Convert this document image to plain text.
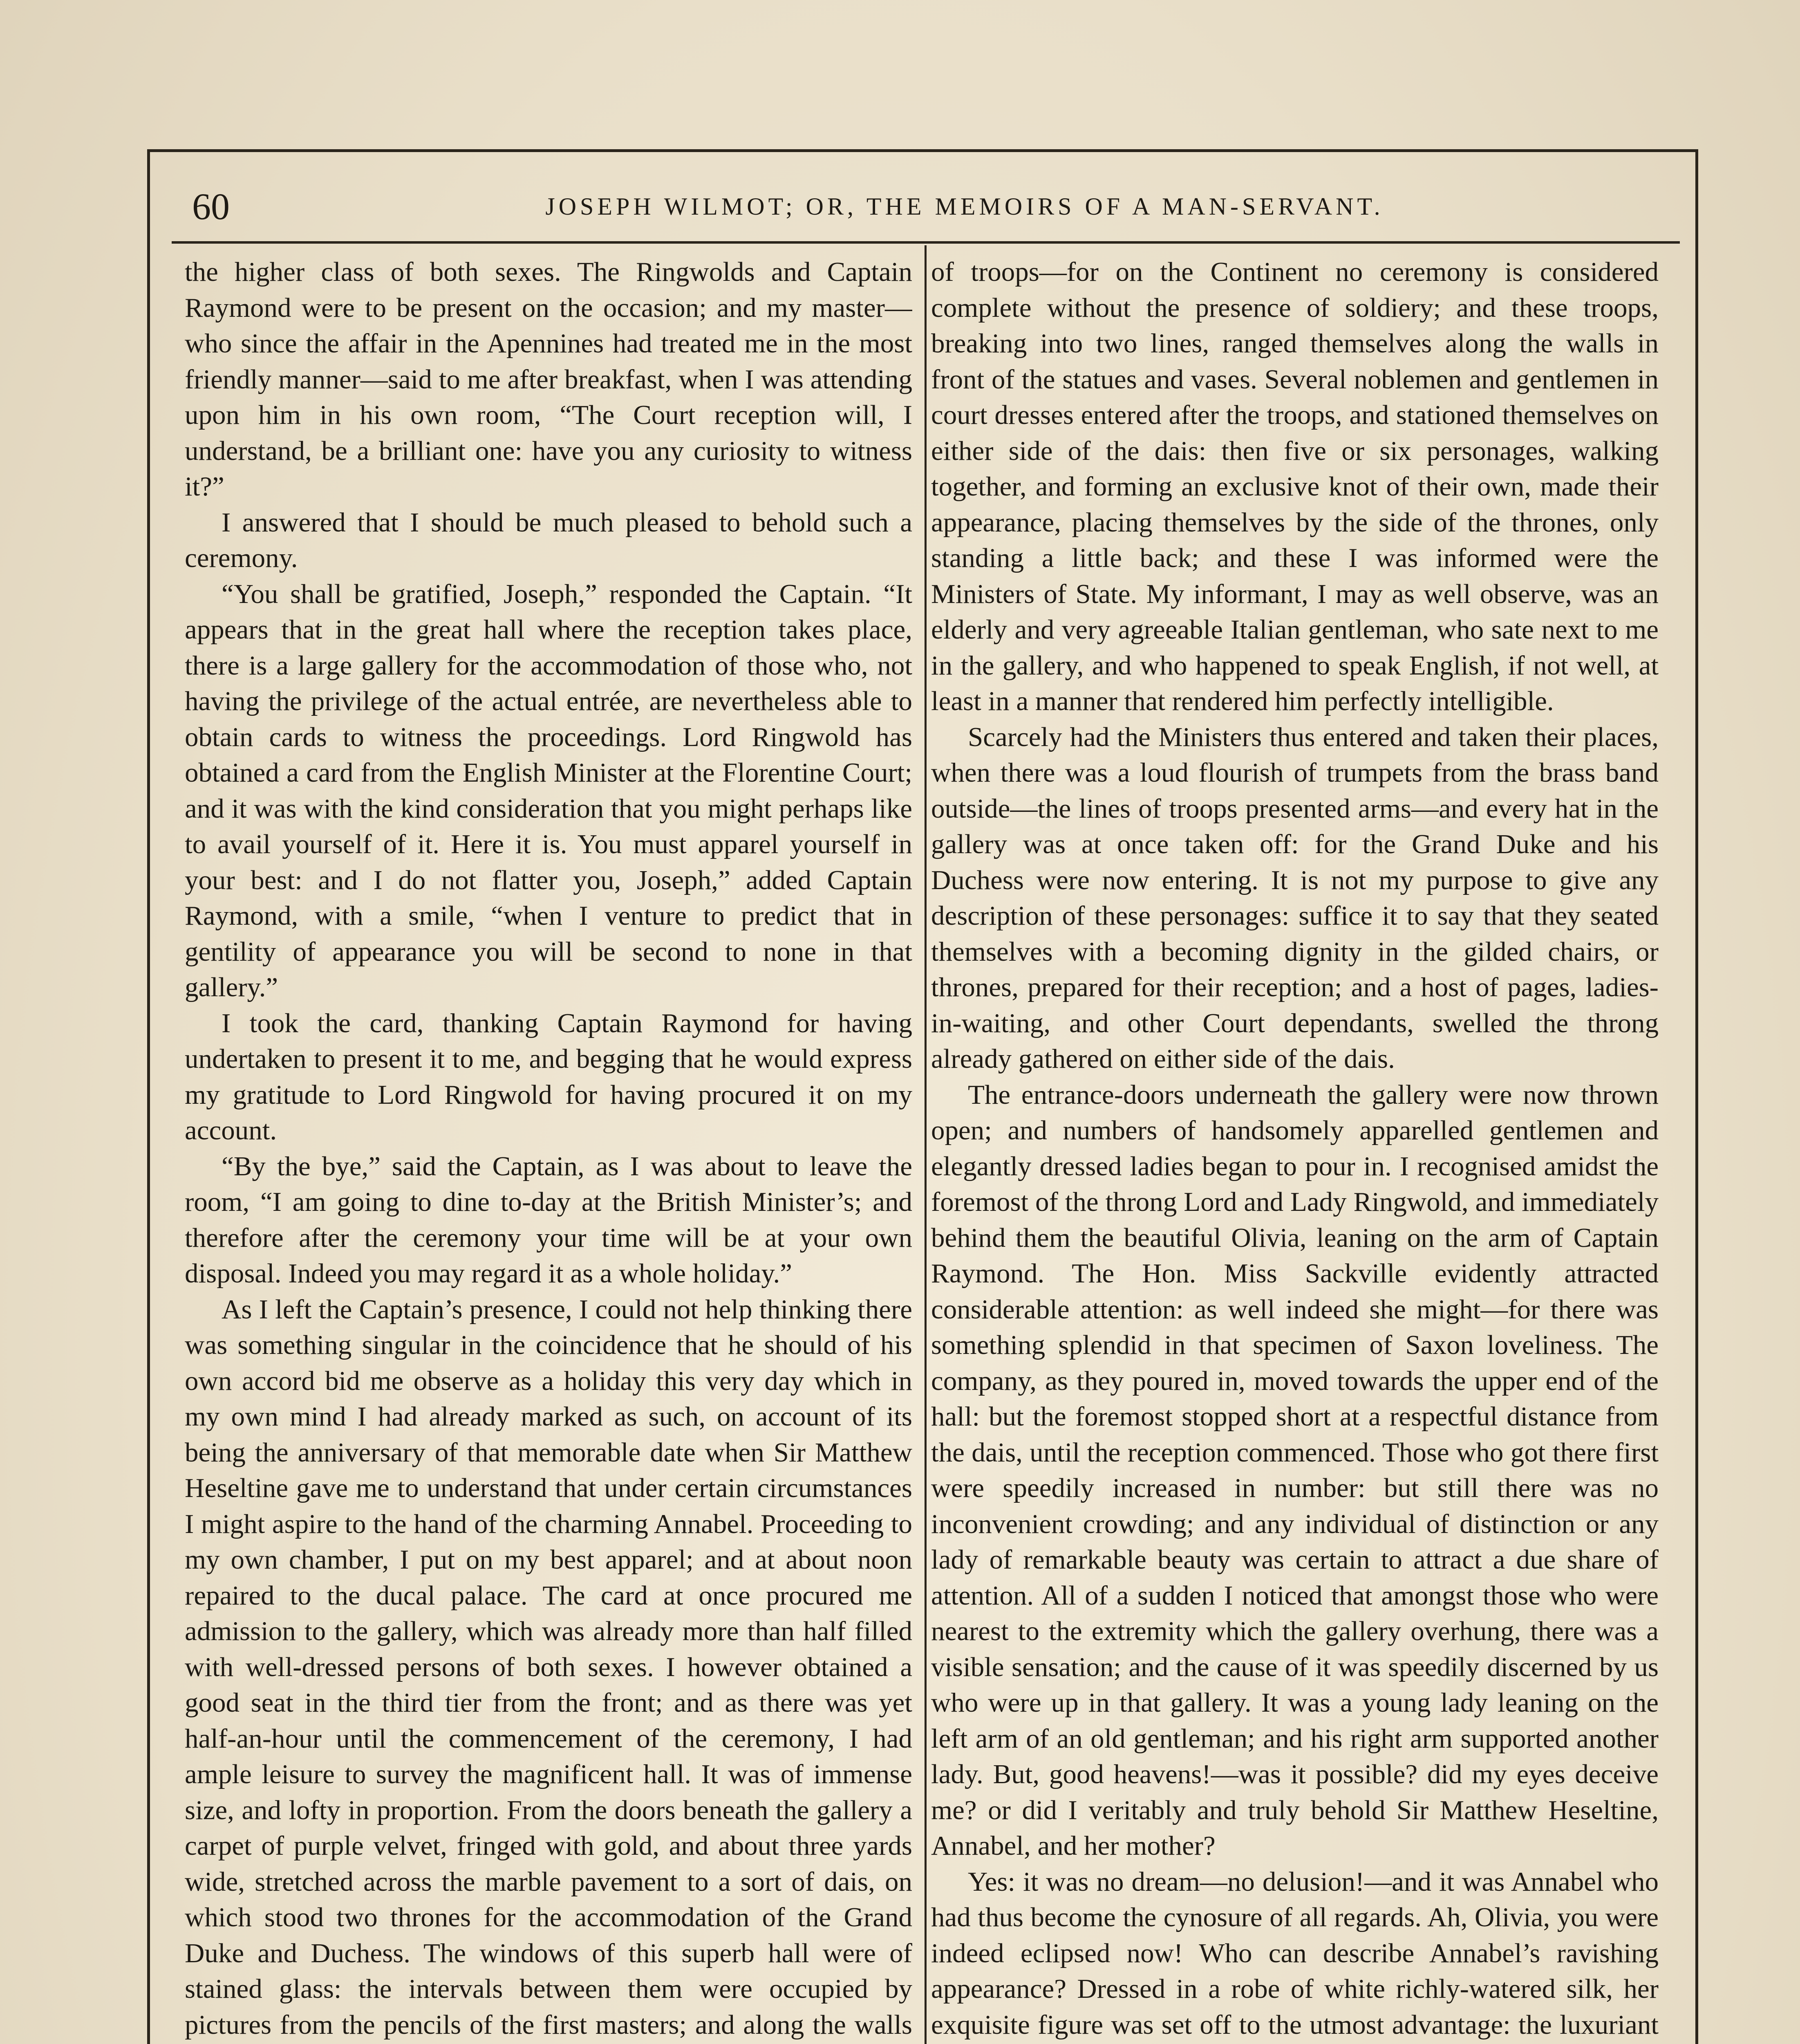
60	JOSEPH WILMOT; OR, THE MEMOIRS OF A MAN-SERVANT.

the higher class of both sexes. The Ringwolds and Captain Raymond were to be present on the occasion; and my master—who since the affair in the Apennines had treated me in the most friendly manner—said to me after breakfast, when I was attending upon him in his own room, “The Court reception will, I understand, be a brilliant one: have you any curiosity to witness it?”

I answered that I should be much pleased to behold such a ceremony.

“You shall be gratified, Joseph,” responded the Captain. “It appears that in the great hall where the reception takes place, there is a large gallery for the accommodation of those who, not having the privilege of the actual entrée, are nevertheless able to obtain cards to witness the proceedings. Lord Ringwold has obtained a card from the English Minister at the Florentine Court; and it was with the kind consideration that you might perhaps like to avail yourself of it. Here it is. You must apparel yourself in your best: and I do not flatter you, Joseph,” added Captain Raymond, with a smile, “when I venture to predict that in gentility of appearance you will be second to none in that gallery.”

I took the card, thanking Captain Raymond for having undertaken to present it to me, and begging that he would express my gratitude to Lord Ringwold for having procured it on my account.

“By the bye,” said the Captain, as I was about to leave the room, “I am going to dine to-day at the British Minister’s; and therefore after the ceremony your time will be at your own disposal. Indeed you may regard it as a whole holiday.”

As I left the Captain’s presence, I could not help thinking there was something singular in the coincidence that he should of his own accord bid me observe as a holiday this very day which in my own mind I had already marked as such, on account of its being the anniversary of that memorable date when Sir Matthew Heseltine gave me to understand that under certain circumstances I might aspire to the hand of the charming Annabel. Proceeding to my own chamber, I put on my best apparel; and at about noon repaired to the ducal palace. The card at once procured me admission to the gallery, which was already more than half filled with well-dressed persons of both sexes. I however obtained a good seat in the third tier from the front; and as there was yet half-an-hour until the commencement of the ceremony, I had ample leisure to survey the magnificent hall. It was of immense size, and lofty in proportion. From the doors beneath the gallery a carpet of purple velvet, fringed with gold, and about three yards wide, stretched across the marble pavement to a sort of dais, on which stood two thrones for the accommodation of the Grand Duke and Duchess. The windows of this superb hall were of stained glass: the intervals between them were occupied by pictures from the pencils of the first masters; and along the walls

of troops—for on the Continent no ceremony is considered complete without the presence of soldiery; and these troops, breaking into two lines, ranged themselves along the walls in front of the statues and vases. Several noblemen and gentlemen in court dresses entered after the troops, and stationed themselves on either side of the dais: then five or six personages, walking together, and forming an exclusive knot of their own, made their appearance, placing themselves by the side of the thrones, only standing a little back; and these I was informed were the Ministers of State. My informant, I may as well observe, was an elderly and very agreeable Italian gentleman, who sate next to me in the gallery, and who happened to speak English, if not well, at least in a manner that rendered him perfectly intelligible.

Scarcely had the Ministers thus entered and taken their places, when there was a loud flourish of trumpets from the brass band outside—the lines of troops presented arms—and every hat in the gallery was at once taken off: for the Grand Duke and his Duchess were now entering. It is not my purpose to give any description of these personages: suffice it to say that they seated themselves with a becoming dignity in the gilded chairs, or thrones, prepared for their reception; and a host of pages, ladies-in-waiting, and other Court dependants, swelled the throng already gathered on either side of the dais.

The entrance-doors underneath the gallery were now thrown open; and numbers of handsomely apparelled gentlemen and elegantly dressed ladies began to pour in. I recognised amidst the foremost of the throng Lord and Lady Ringwold, and immediately behind them the beautiful Olivia, leaning on the arm of Captain Raymond. The Hon. Miss Sackville evidently attracted considerable attention: as well indeed she might—for there was something splendid in that specimen of Saxon loveliness. The company, as they poured in, moved towards the upper end of the hall: but the foremost stopped short at a respectful distance from the dais, until the reception commenced. Those who got there first were speedily increased in number: but still there was no inconvenient crowding; and any individual of distinction or any lady of remarkable beauty was certain to attract a due share of attention. All of a sudden I noticed that amongst those who were nearest to the extremity which the gallery overhung, there was a visible sensation; and the cause of it was speedily discerned by us who were up in that gallery. It was a young lady leaning on the left arm of an old gentleman; and his right arm supported another lady. But, good heavens!—was it possible? did my eyes deceive me? or did I veritably and truly behold Sir Matthew Heseltine, Annabel, and her mother?

Yes: it was no dream—no delusion!—and it was Annabel who had thus become the cynosure of all regards. Ah, Olivia, you were indeed eclipsed now! Who can describe Annabel’s ravishing appearance? Dressed in a robe of white richly-watered silk, her exquisite figure was set off to the utmost advantage: the luxuriant
